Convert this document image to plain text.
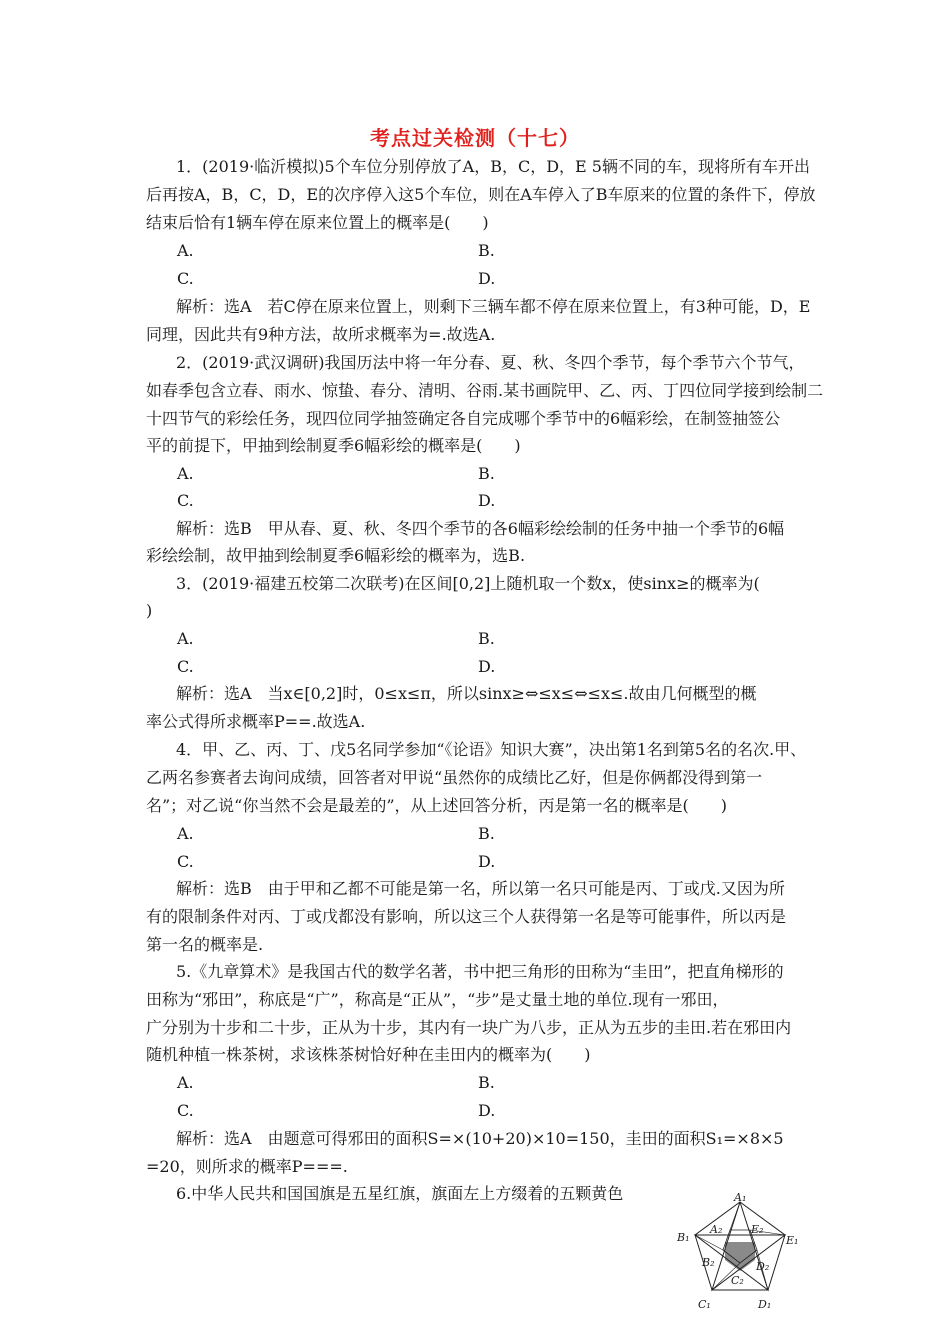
考点过关检测（十七）
1．(2019·临沂模拟)5个车位分别停放了A，B，C，D，E 5辆不同的车，现将所有车开出
后再按A，B，C，D，E的次序停入这5个车位，则在A车停入了B车原来的位置的条件下，停放
结束后恰有1辆车停在原来位置上的概率是(　　)
A.	B.
C.	D.
解析：选A　若C停在原来位置上，则剩下三辆车都不停在原来位置上，有3种可能，D，E
同理，因此共有9种方法，故所求概率为=.故选A.
2．(2019·武汉调研)我国历法中将一年分春、夏、秋、冬四个季节，每个季节六个节气，
如春季包含立春、雨水、惊蛰、春分、清明、谷雨.某书画院甲、乙、丙、丁四位同学接到绘制二
十四节气的彩绘任务，现四位同学抽签确定各自完成哪个季节中的6幅彩绘，在制签抽签公
平的前提下，甲抽到绘制夏季6幅彩绘的概率是(　　)
A.	B.
C.	D.
解析：选B　甲从春、夏、秋、冬四个季节的各6幅彩绘绘制的任务中抽一个季节的6幅
彩绘绘制，故甲抽到绘制夏季6幅彩绘的概率为，选B.
3．(2019·福建五校第二次联考)在区间[0,2]上随机取一个数x，使sinx≥的概率为(
)
A.	B.
C.	D.
解析：选A　当x∈[0,2]时，0≤x≤π，所以sinx≥⇔≤x≤⇔≤x≤.故由几何概型的概
率公式得所求概率P==.故选A.
4．甲、乙、丙、丁、戊5名同学参加“《论语》知识大赛”，决出第1名到第5名的名次.甲、
乙两名参赛者去询问成绩，回答者对甲说“虽然你的成绩比乙好，但是你俩都没得到第一
名”；对乙说“你当然不会是最差的”，从上述回答分析，丙是第一名的概率是(　　)
A.	B.
C.	D.
解析：选B　由于甲和乙都不可能是第一名，所以第一名只可能是丙、丁或戊.又因为所
有的限制条件对丙、丁或戊都没有影响，所以这三个人获得第一名是等可能事件，所以丙是
第一名的概率是.
5.《九章算术》是我国古代的数学名著，书中把三角形的田称为“圭田”，把直角梯形的
田称为“邪田”，称底是“广”，称高是“正从”，“步”是丈量土地的单位.现有一邪田，
广分别为十步和二十步，正从为十步，其内有一块广为八步，正从为五步的圭田.若在邪田内
随机种植一株茶树，求该株茶树恰好种在圭田内的概率为(　　)
A.	B.
C.	D.
解析：选A　由题意可得邪田的面积S=×(10+20)×10=150，圭田的面积S₁=×8×5
=20，则所求的概率P===.
6.中华人民共和国国旗是五星红旗，旗面左上方缀着的五颗黄色	A₁
B₁
C₁	D₁
E₁
A₂
B₂
C₂
D₂
E₂
